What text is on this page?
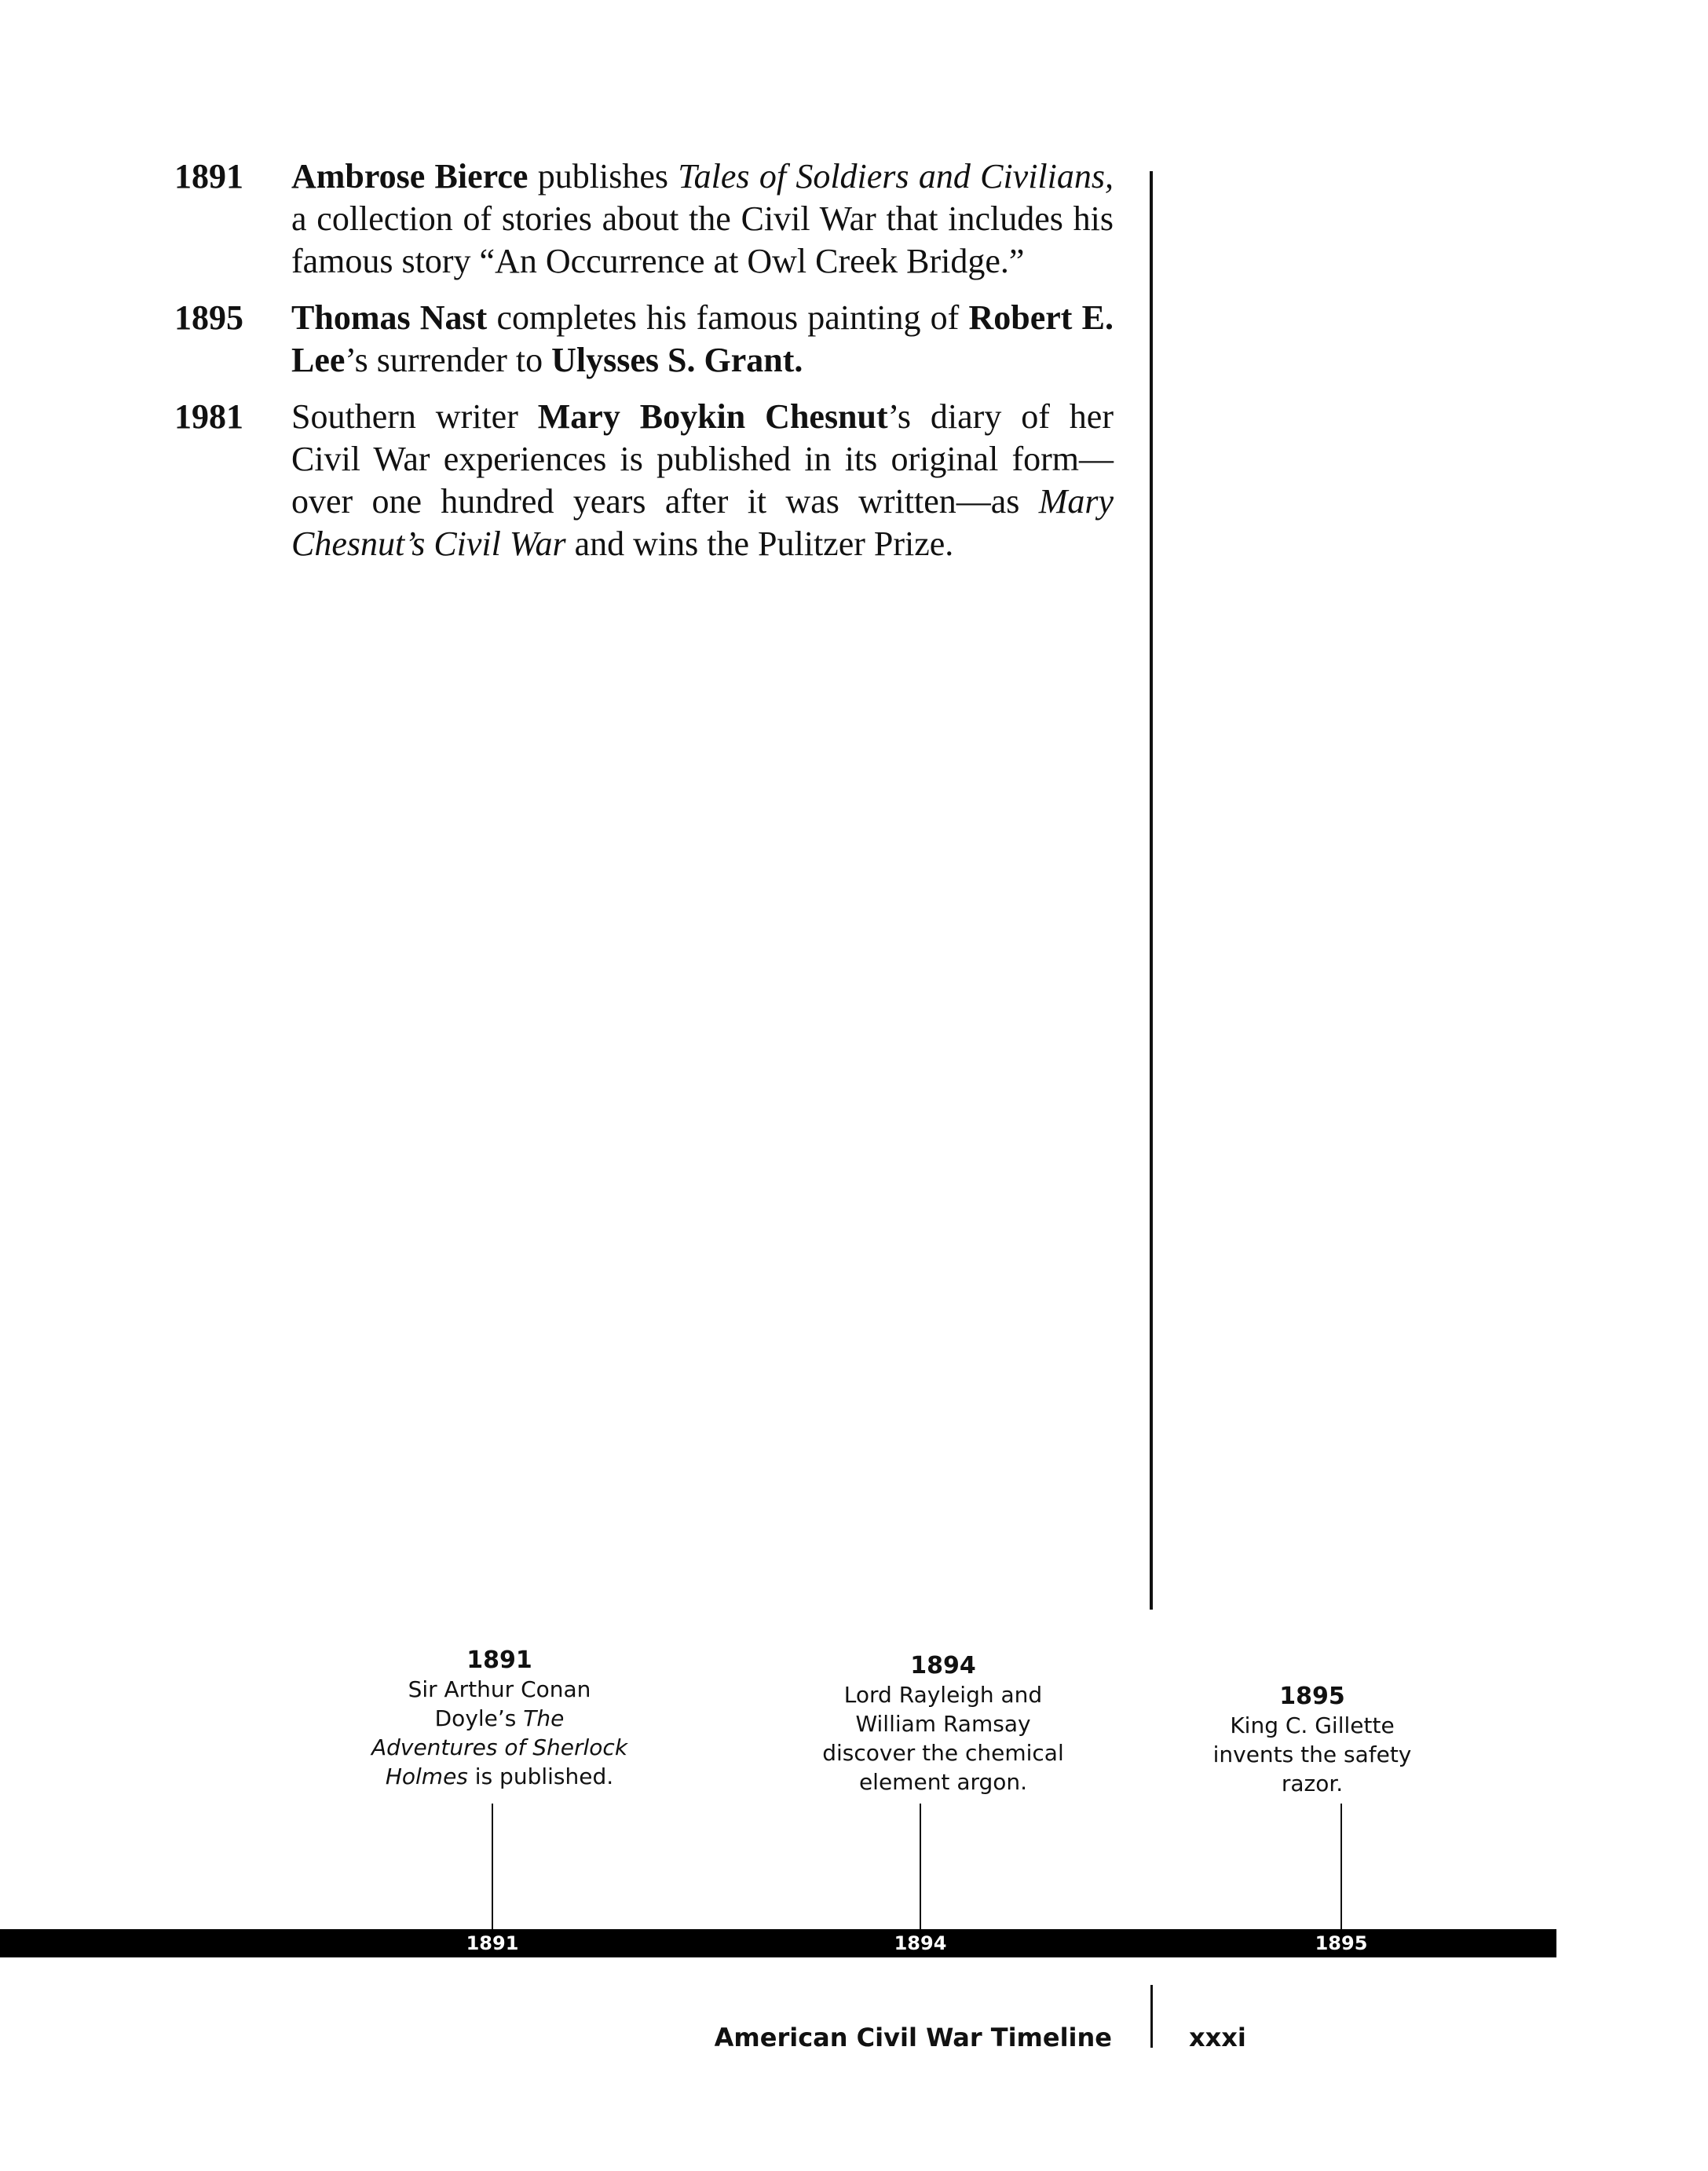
1891	Ambrose Bierce publishes Tales of Soldiers and Civilians, a collection of stories about the Civil War that includes his famous story “An Occurrence at Owl Creek Bridge.”
1895	Thomas Nast completes his famous painting of Robert E. Lee’s surrender to Ulysses S. Grant.
1981	Southern writer Mary Boykin Chesnut’s diary of her Civil War experiences is published in its original form—over one hundred years after it was written—as Mary Chesnut’s Civil War and wins the Pulitzer Prize.
1891
Sir Arthur Conan Doyle’s The Adventures of Sherlock Holmes is published.
1894
Lord Rayleigh and William Ramsay discover the chemical element argon.
1895
King C. Gillette invents the safety razor.
1891	1894	1895
American Civil War Timeline	xxxi
